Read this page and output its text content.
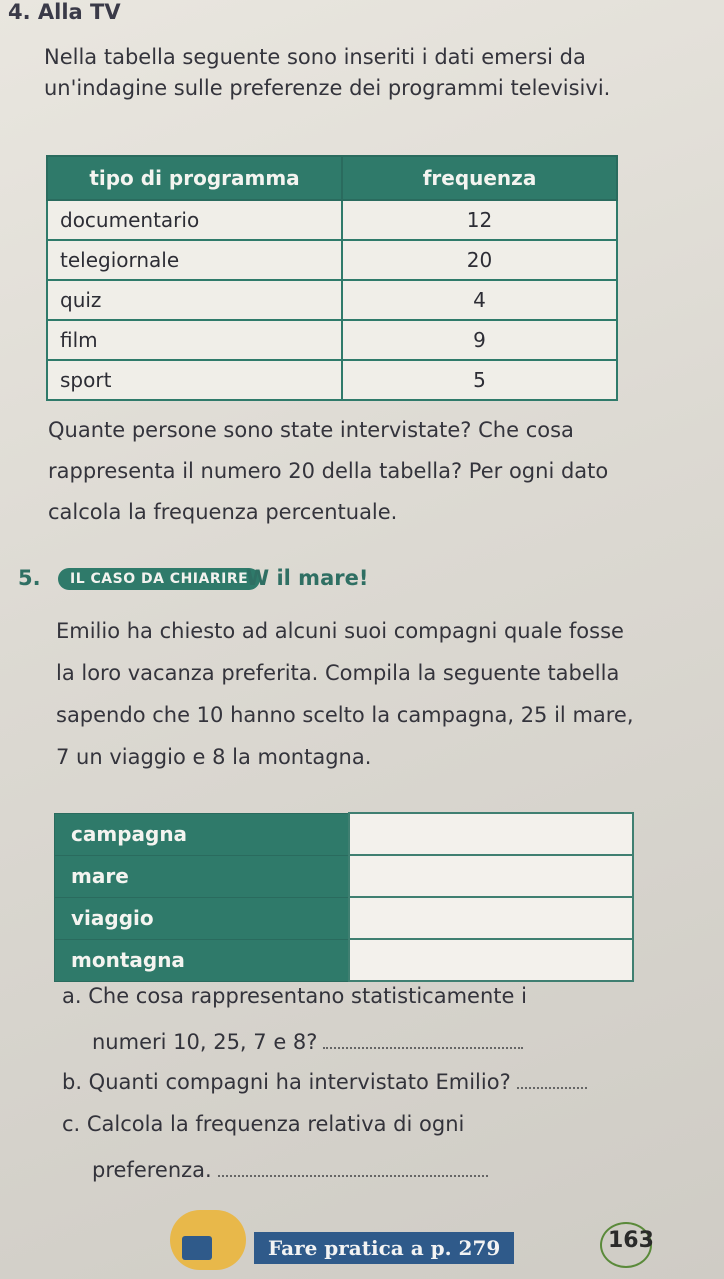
4. Alla TV
Nella tabella seguente sono inseriti i dati emersi da un'indagine sulle preferenze dei programmi televisivi.
tipo di programma	frequenza
documentario	12
telegiornale	20
quiz	4
film	9
sport	5
Quante persone sono state intervistate? Che cosa rappresenta il numero 20 della tabella? Per ogni dato calcola la frequenza percentuale.
5.	IL CASO DA CHIARIRE
W il mare!
Emilio ha chiesto ad alcuni suoi compagni quale fosse la loro vacanza preferita. Compila la seguente tabella sapendo che 10 hanno scelto la campagna, 25 il mare, 7 un viaggio e 8 la montagna.
campagna	
mare	
viaggio	
montagna	
a. Che cosa rappresentano statisticamente i
numeri 10, 25, 7 e 8?
b. Quanti compagni ha intervistato Emilio?
c. Calcola la frequenza relativa di ogni
preferenza.
Fare pratica a p. 279	163
